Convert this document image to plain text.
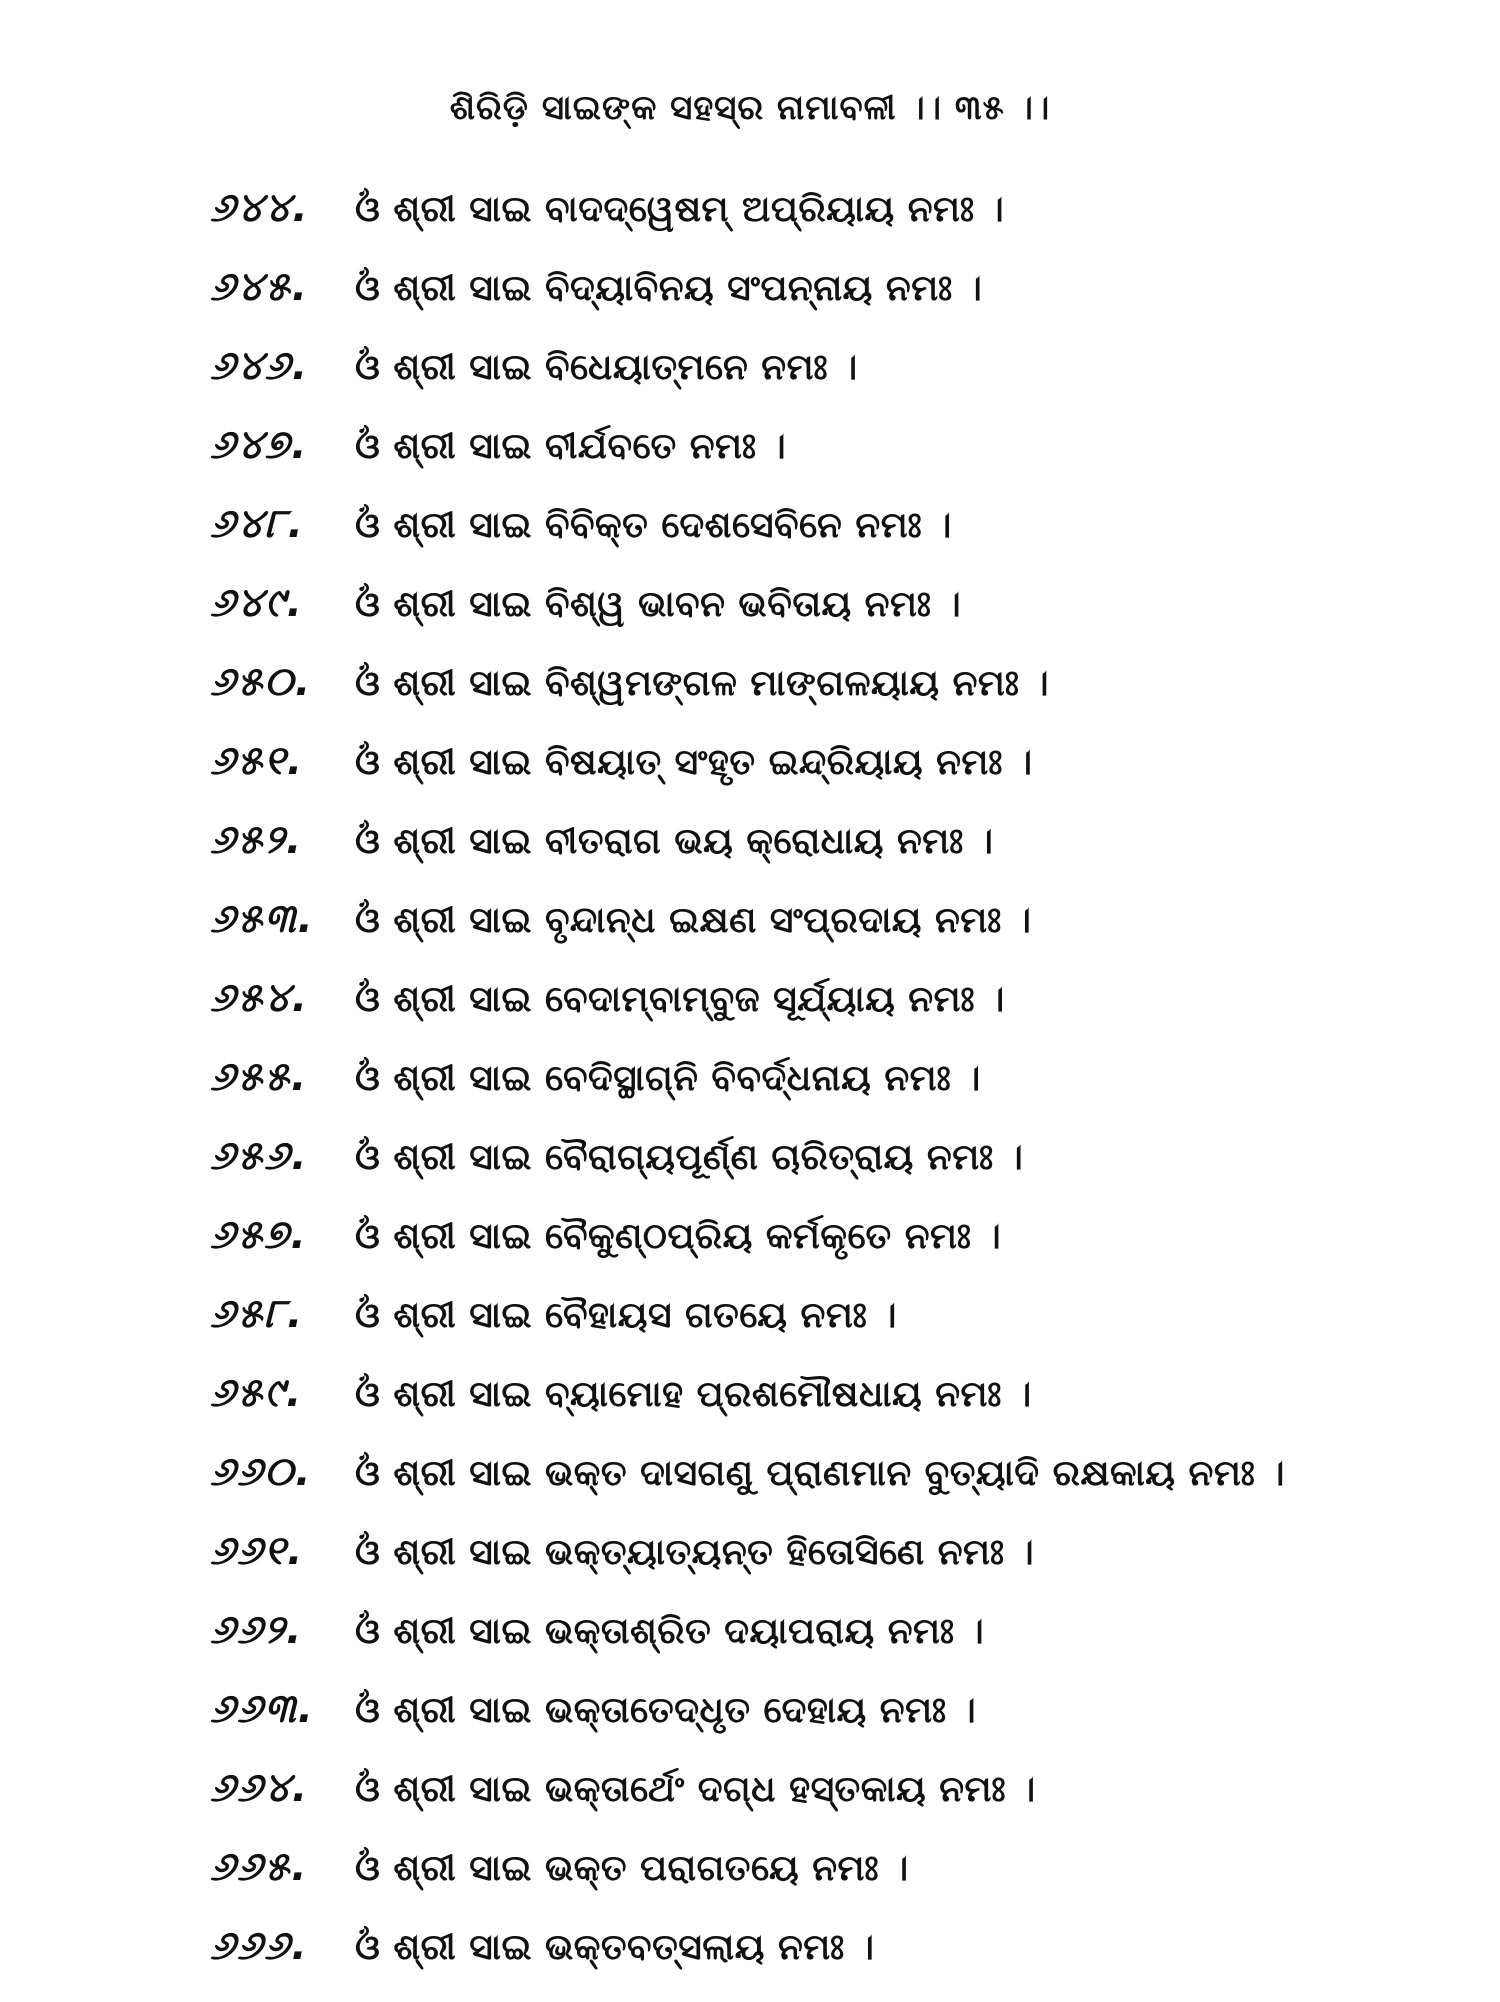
ଶିରିଡ଼ି ସାଇଙ୍କ ସହସ୍ର ନାମାବଳୀ ।। ୩୫ ।।
୬୪୪.	ଓଁ ଶ୍ରୀ ସାଇ ବାଦଦ୍ୱେଷମ୍ ଅପ୍ରିୟାୟ ନମଃ ।
୬୪୫.	ଓଁ ଶ୍ରୀ ସାଇ ବିଦ୍ୟାବିନୟ ସଂପନ୍ନାୟ ନମଃ ।
୬୪୬.	ଓଁ ଶ୍ରୀ ସାଇ ବିଧେୟାତ୍ମନେ ନମଃ ।
୬୪୭.	ଓଁ ଶ୍ରୀ ସାଇ ବୀର୍ଯବତେ ନମଃ ।
୬୪୮.	ଓଁ ଶ୍ରୀ ସାଇ ବିବିକ୍ତ ଦେଶସେବିନେ ନମଃ ।
୬୪୯.	ଓଁ ଶ୍ରୀ ସାଇ ବିଶ୍ୱ ଭାବନ ଭବିତାୟ ନମଃ ।
୬୫୦.	ଓଁ ଶ୍ରୀ ସାଇ ବିଶ୍ୱମଙ୍ଗଳ ମାଙ୍ଗଳୟାୟ ନମଃ ।
୬୫୧.	ଓଁ ଶ୍ରୀ ସାଇ ବିଷୟାତ୍ ସଂହୃତ ଇନ୍ଦ୍ରିୟାୟ ନମଃ ।
୬୫୨.	ଓଁ ଶ୍ରୀ ସାଇ ବୀତରାଗ ଭୟ କ୍ରୋଧାୟ ନମଃ ।
୬୫୩.	ଓଁ ଶ୍ରୀ ସାଇ ବୃନ୍ଦାନ୍ଧ ଇକ୍ଷଣ ସଂପ୍ରଦାୟ ନମଃ ।
୬୫୪.	ଓଁ ଶ୍ରୀ ସାଇ ବେଦାମ୍ବାମ୍ବୁଜ ସୂର୍ଯ୍ୟାୟ ନମଃ ।
୬୫୫.	ଓଁ ଶ୍ରୀ ସାଇ ବେଦିସ୍ଥାଗ୍ନି ବିବର୍ଦ୍ଧନାୟ ନମଃ ।
୬୫୬.	ଓଁ ଶ୍ରୀ ସାଇ ବୈରାଗ୍ୟପୂର୍ଣ୍ଣ ଚାରିତ୍ରାୟ ନମଃ ।
୬୫୭.	ଓଁ ଶ୍ରୀ ସାଇ ବୈକୁଣ୍ଠପ୍ରିୟ କର୍ମକୃତେ ନମଃ ।
୬୫୮.	ଓଁ ଶ୍ରୀ ସାଇ ବୈହାୟସ ଗତୟେ ନମଃ ।
୬୫୯.	ଓଁ ଶ୍ରୀ ସାଇ ବ୍ୟାମୋହ ପ୍ରଶମୌଷଧାୟ ନମଃ ।
୬୬୦.	ଓଁ ଶ୍ରୀ ସାଇ ଭକ୍ତ ଦାସଗଣୁ ପ୍ରାଣମାନ ବୁତ୍ୟାଦି ରକ୍ଷକାୟ ନମଃ ।
୬୬୧.	ଓଁ ଶ୍ରୀ ସାଇ ଭକ୍ତ୍ୟାତ୍ୟନ୍ତ ହିତୋସିଣେ ନମଃ ।
୬୬୨.	ଓଁ ଶ୍ରୀ ସାଇ ଭକ୍ତାଶ୍ରିତ ଦୟାପରାୟ ନମଃ ।
୬୬୩.	ଓଁ ଶ୍ରୀ ସାଇ ଭକ୍ତାତେଦ୍ଧୃତ ଦେହାୟ ନମଃ ।
୬୬୪.	ଓଁ ଶ୍ରୀ ସାଇ ଭକ୍ତାର୍ଥେଂ ଦଗ୍ଧ ହସ୍ତକାୟ ନମଃ ।
୬୬୫.	ଓଁ ଶ୍ରୀ ସାଇ ଭକ୍ତ ପରାଗତୟେ ନମଃ ।
୬୬୬.	ଓଁ ଶ୍ରୀ ସାଇ ଭକ୍ତବତ୍ସଲାୟ ନମଃ ।
